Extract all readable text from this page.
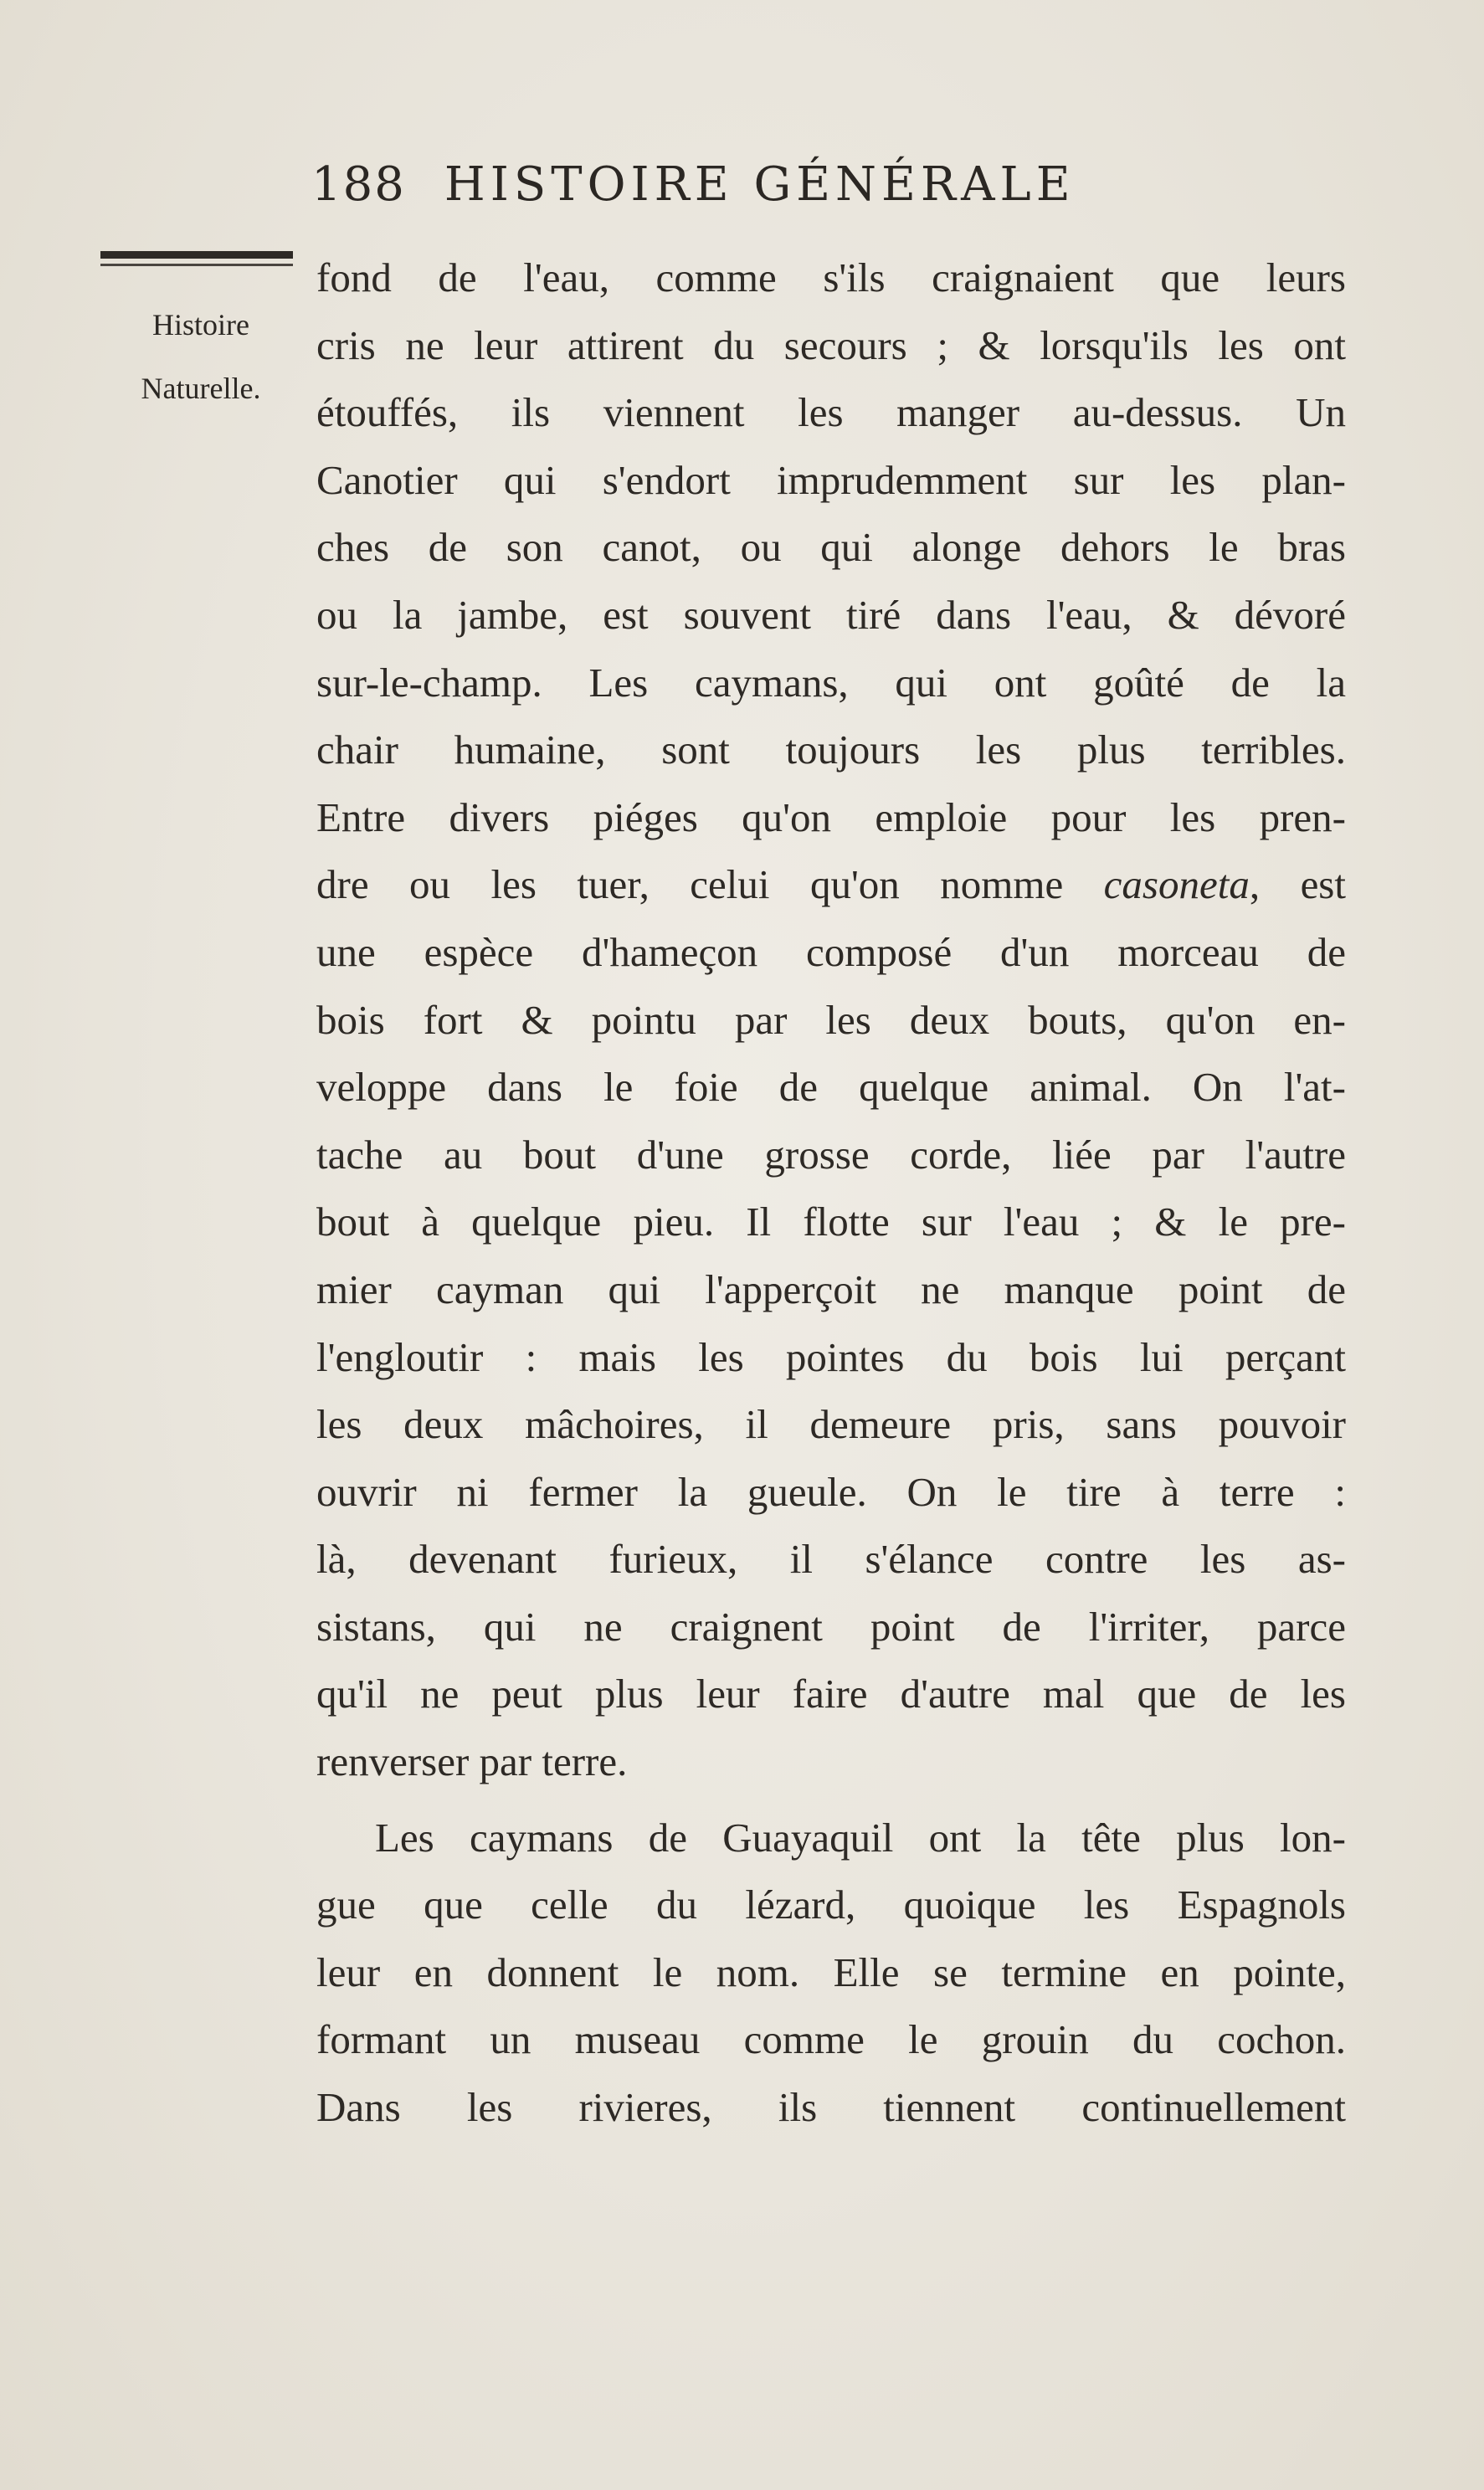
188 HISTOIRE GÉNÉRALE
Histoire
Naturelle.
fond de l'eau, comme s'ils craignaient que leurs
cris ne leur attirent du secours ; & lorsqu'ils les ont
étouffés, ils viennent les manger au-dessus. Un
Canotier qui s'endort imprudemment sur les plan-
ches de son canot, ou qui alonge dehors le bras
ou la jambe, est souvent tiré dans l'eau, & dévoré
sur-le-champ. Les caymans, qui ont goûté de la
chair humaine, sont toujours les plus terribles.
Entre divers piéges qu'on emploie pour les pren-
dre ou les tuer, celui qu'on nomme casoneta, est
une espèce d'hameçon composé d'un morceau de
bois fort & pointu par les deux bouts, qu'on en-
veloppe dans le foie de quelque animal. On l'at-
tache au bout d'une grosse corde, liée par l'autre
bout à quelque pieu. Il flotte sur l'eau ; & le pre-
mier cayman qui l'apperçoit ne manque point de
l'engloutir : mais les pointes du bois lui perçant
les deux mâchoires, il demeure pris, sans pouvoir
ouvrir ni fermer la gueule. On le tire à terre :
là, devenant furieux, il s'élance contre les as-
sistans, qui ne craignent point de l'irriter, parce
qu'il ne peut plus leur faire d'autre mal que de les
renverser par terre.
Les caymans de Guayaquil ont la tête plus lon-
gue que celle du lézard, quoique les Espagnols
leur en donnent le nom. Elle se termine en pointe,
formant un museau comme le grouin du cochon.
Dans les rivieres, ils tiennent continuellement
